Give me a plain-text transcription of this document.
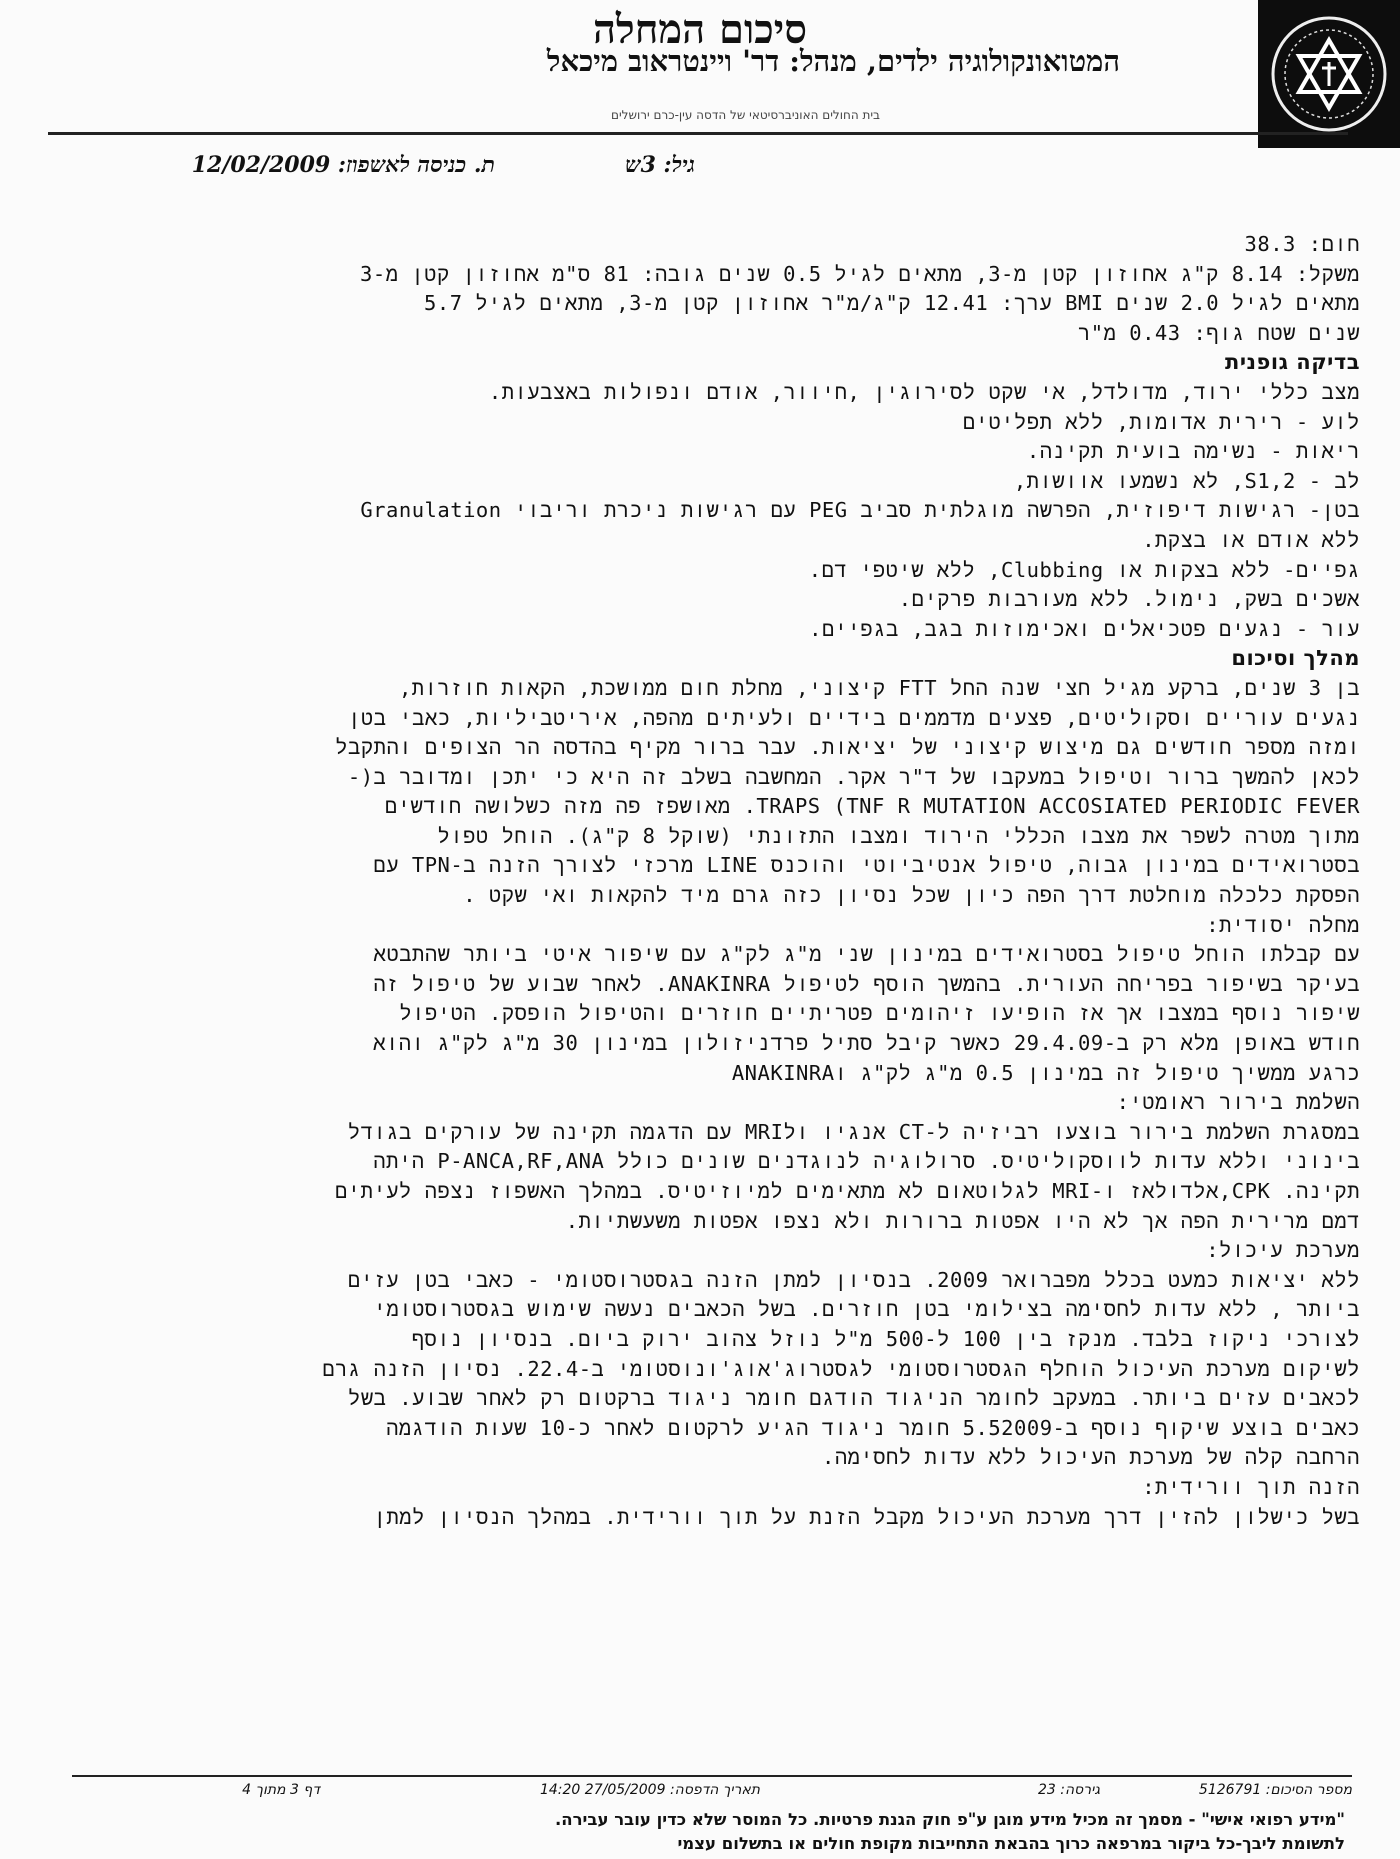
סיכום המחלה
המטואונקולוגיה ילדים, מנהל: דר' ויינטראוב מיכאל
בית החולים האוניברסיטאי של הדסה עין-כרם ירושלים
ת. כניסה לאשפוז: 12/02/2009	גיל: 3ש
חום: 38.3
משקל: 8.14 ק"ג אחוזון קטן מ-3, מתאים לגיל 0.5 שנים גובה: 81 ס"מ אחוזון קטן מ-3
מתאים לגיל 2.0 שנים BMI ערך: 12.41 ק"ג/מ"ר אחוזון קטן מ-3, מתאים לגיל 5.7
שנים שטח גוף: 0.43 מ"ר
בדיקה גופנית
מצב כללי ירוד, מדולדל, אי שקט לסירוגין ,חיוור, אודם ונפולות באצבעות.
לוע - רירית אדומות, ללא תפליטים
ריאות - נשימה בועית תקינה.
לב - S1,2, לא נשמעו אוושות,
בטן- רגישות דיפוזית, הפרשה מוגלתית סביב PEG עם רגישות ניכרת וריבוי Granulation
ללא אודם או בצקת.
גפיים- ללא בצקות או Clubbing, ללא שיטפי דם.
אשכים בשק, נימול. ללא מעורבות פרקים.
עור - נגעים פטכיאלים ואכימוזות בגב, בגפיים.
מהלך וסיכום
בן 3 שנים, ברקע מגיל חצי שנה החל FTT קיצוני, מחלת חום ממושכת, הקאות חוזרות,
נגעים עוריים וסקוליטים, פצעים מדממים בידיים ולעיתים מהפה, איריטביליות, כאבי בטן
ומזה מספר חודשים גם מיצוש קיצוני של יציאות. עבר ברור מקיף בהדסה הר הצופים והתקבל
לכאן להמשך ברור וטיפול במעקבו של ד"ר אקר. המחשבה בשלב זה היא כי יתכן ומדובר ב(-
TRAPS (TNF R MUTATION ACCOSIATED PERIODIC FEVER. מאושפז פה מזה כשלושה חודשים
מתוך מטרה לשפר את מצבו הכללי הירוד ומצבו התזונתי (שוקל 8 ק"ג). הוחל טפול
בסטרואידים במינון גבוה, טיפול אנטיביוטי והוכנס LINE מרכזי לצורך הזנה ב-TPN עם
הפסקת כלכלה מוחלטת דרך הפה כיון שכל נסיון כזה גרם מיד להקאות ואי שקט .
מחלה יסודית:
עם קבלתו הוחל טיפול בסטרואידים במינון שני מ"ג לק"ג עם שיפור איטי ביותר שהתבטא
בעיקר בשיפור בפריחה העורית. בהמשך הוסף לטיפול ANAKINRA. לאחר שבוע של טיפול זה
שיפור נוסף במצבו אך אז הופיעו זיהומים פטריתיים חוזרים והטיפול הופסק. הטיפול
חודש באופן מלא רק ב-29.4.09 כאשר קיבל סתיל פרדניזולון במינון 30 מ"ג לק"ג והוא
כרגע ממשיך טיפול זה במינון 0.5 מ"ג לק"ג וANAKINRA
השלמת בירור ראומטי:
במסגרת השלמת בירור בוצעו רביזיה ל-CT אנגיו ולMRI עם הדגמה תקינה של עורקים בגודל
בינוני וללא עדות לווסקוליטיס. סרולוגיה לנוגדנים שונים כולל P-ANCA,RF,ANA היתה
תקינה. CPK,אלדולאז ו-MRI לגלוטאום לא מתאימים למיוזיטיס. במהלך האשפוז נצפה לעיתים
דמם מרירית הפה אך לא היו אפטות ברורות ולא נצפו אפטות משעשתיות.
מערכת עיכול:
ללא יציאות כמעט בכלל מפברואר 2009. בנסיון למתן הזנה בגסטרוסטומי - כאבי בטן עזים
ביותר , ללא עדות לחסימה בצילומי בטן חוזרים. בשל הכאבים נעשה שימוש בגסטרוסטומי
לצורכי ניקוז בלבד. מנקז בין 100 ל-500 מ"ל נוזל צהוב ירוק ביום. בנסיון נוסף
לשיקום מערכת העיכול הוחלף הגסטרוסטומי לגסטרוג'אוג'ונוסטומי ב-22.4. נסיון הזנה גרם
לכאבים עזים ביותר. במעקב לחומר הניגוד הודגם חומר ניגוד ברקטום רק לאחר שבוע. בשל
כאבים בוצע שיקוף נוסף ב-5.52009 חומר ניגוד הגיע לרקטום לאחר כ-10 שעות הודגמה
הרחבה קלה של מערכת העיכול ללא עדות לחסימה.
הזנה תוך וורידית:
בשל כישלון להזין דרך מערכת העיכול מקבל הזנת על תוך וורידית. במהלך הנסיון למתן
מספר הסיכום: 5126791
גירסה: 23
תאריך הדפסה: 27/05/2009 14:20
דף 3 מתוך 4
"מידע רפואי אישי" - מסמך זה מכיל מידע מוגן ע"פ חוק הגנת פרטיות. כל המוסר שלא כדין עובר עבירה.
לתשומת ליבך-כל ביקור במרפאה כרוך בהבאת התחייבות מקופת חולים או בתשלום עצמי
